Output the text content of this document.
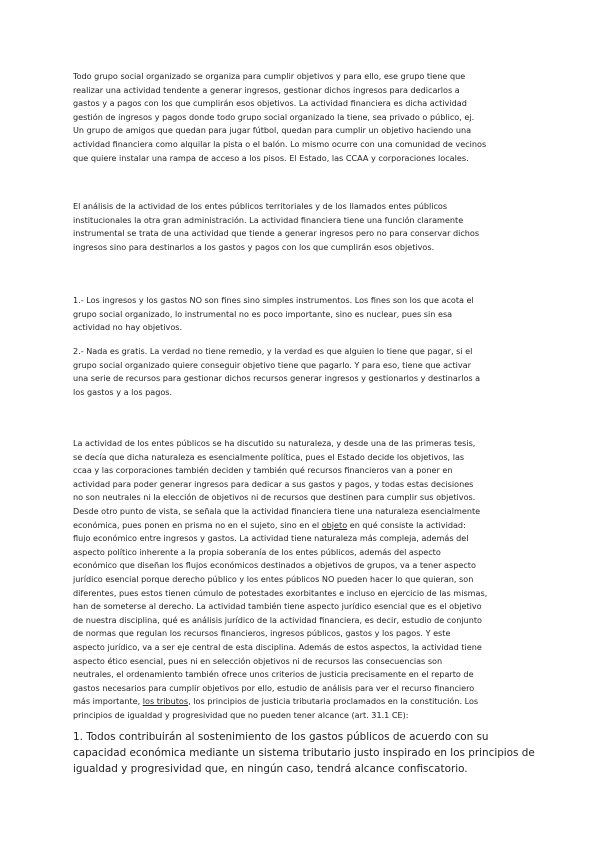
Todo grupo social organizado se organiza para cumplir objetivos y para ello, ese grupo tiene que
realizar una actividad tendente a generar ingresos, gestionar dichos ingresos para dedicarlos a
gastos y a pagos con los que cumplirán esos objetivos. La actividad financiera es dicha actividad
gestión de ingresos y pagos donde todo grupo social organizado la tiene, sea privado o público, ej.
Un grupo de amigos que quedan para jugar fútbol, quedan para cumplir un objetivo haciendo una
actividad financiera como alquilar la pista o el balón. Lo mismo ocurre con una comunidad de vecinos
que quiere instalar una rampa de acceso a los pisos. El Estado, las CCAA y corporaciones locales.
El análisis de la actividad de los entes públicos territoriales y de los llamados entes públicos
institucionales la otra gran administración. La actividad financiera tiene una función claramente
instrumental se trata de una actividad que tiende a generar ingresos pero no para conservar dichos
ingresos sino para destinarlos a los gastos y pagos con los que cumplirán esos objetivos.
1.- Los ingresos y los gastos NO son fines sino simples instrumentos. Los fines son los que acota el
grupo social organizado, lo instrumental no es poco importante, sino es nuclear, pues sin esa
actividad no hay objetivos.
2.- Nada es gratis. La verdad no tiene remedio, y la verdad es que alguien lo tiene que pagar, si el
grupo social organizado quiere conseguir objetivo tiene que pagarlo. Y para eso, tiene que activar
una serie de recursos para gestionar dichos recursos generar ingresos y gestionarlos y destinarlos a
los gastos y a los pagos.
La actividad de los entes públicos se ha discutido su naturaleza, y desde una de las primeras tesis,
se decía que dicha naturaleza es esencialmente política, pues el Estado decide los objetivos, las
ccaa y las corporaciones también deciden y también qué recursos financieros van a poner en
actividad para poder generar ingresos para dedicar a sus gastos y pagos, y todas estas decisiones
no son neutrales ni la elección de objetivos ni de recursos que destinen para cumplir sus objetivos.
Desde otro punto de vista, se señala que la actividad financiera tiene una naturaleza esencialmente
económica, pues ponen en prisma no en el sujeto, sino en el objeto en qué consiste la actividad:
flujo económico entre ingresos y gastos. La actividad tiene naturaleza más compleja, además del
aspecto político inherente a la propia soberanía de los entes públicos, además del aspecto
económico que diseñan los flujos económicos destinados a objetivos de grupos, va a tener aspecto
jurídico esencial porque derecho público y los entes públicos NO pueden hacer lo que quieran, son
diferentes, pues estos tienen cúmulo de potestades exorbitantes e incluso en ejercicio de las mismas,
han de someterse al derecho. La actividad también tiene aspecto jurídico esencial que es el objetivo
de nuestra disciplina, qué es análisis jurídico de la actividad financiera, es decir, estudio de conjunto
de normas que regulan los recursos financieros, ingresos públicos, gastos y los pagos. Y este
aspecto jurídico, va a ser eje central de esta disciplina. Además de estos aspectos, la actividad tiene
aspecto ético esencial, pues ni en selección objetivos ni de recursos las consecuencias son
neutrales, el ordenamiento también ofrece unos criterios de justicia precisamente en el reparto de
gastos necesarios para cumplir objetivos por ello, estudio de análisis para ver el recurso financiero
más importante, los tributos, los principios de justicia tributaria proclamados en la constitución. Los
principios de igualdad y progresividad que no pueden tener alcance (art. 31.1 CE):
1. Todos contribuirán al sostenimiento de los gastos públicos de acuerdo con su
capacidad económica mediante un sistema tributario justo inspirado en los principios de
igualdad y progresividad que, en ningún caso, tendrá alcance confiscatorio.
